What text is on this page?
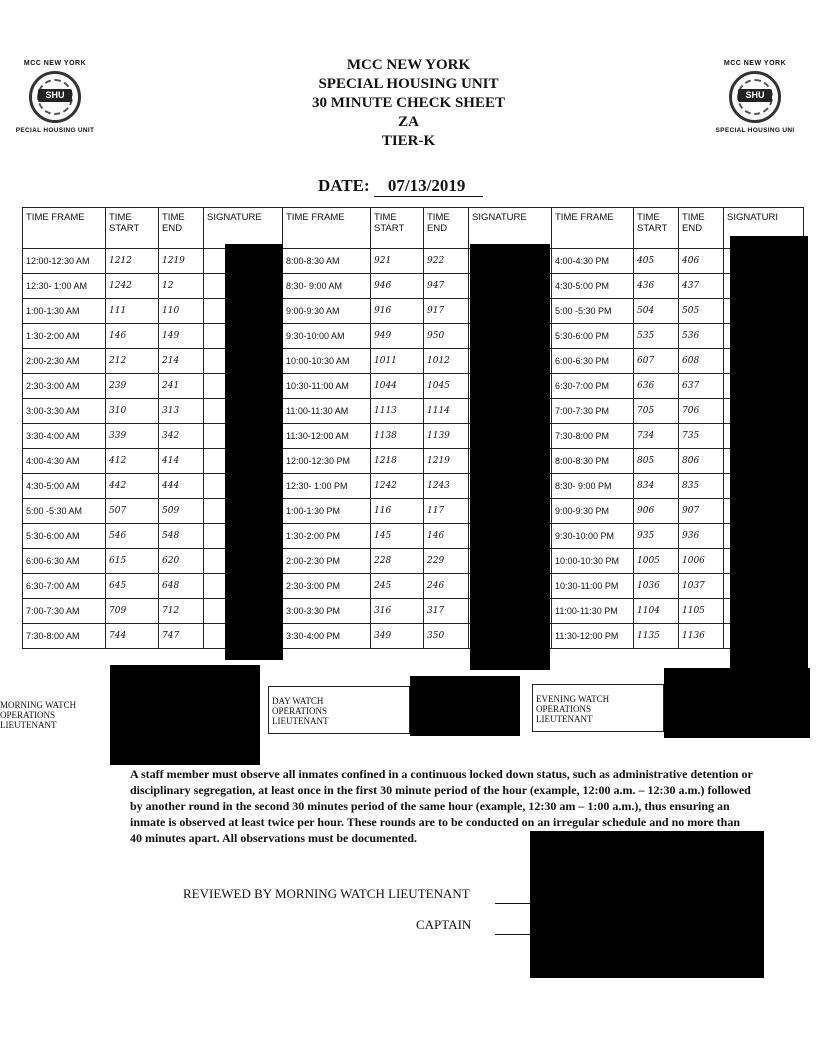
MCC NEW YORK
SHU
PECIAL HOUSING UNIT
MCC NEW YORK
SHU
SPECIAL HOUSING UNI
MCC NEW YORK
SPECIAL HOUSING UNIT
30 MINUTE CHECK SHEET
ZA
TIER-K
DATE: 07/13/2019
TIME FRAME	TIME START	TIME END	SIGNATURE	TIME FRAME	TIME START	TIME END	SIGNATURE	TIME FRAME	TIME START	TIME END	SIGNATURI
12:00-12:30 AM	1212	1219		8:00-8:30 AM	921	922		4:00-4:30 PM	405	406	
12:30- 1:00 AM	1242	12		8:30- 9:00 AM	946	947		4:30-5:00 PM	436	437	
1:00-1:30 AM	111	110		9:00-9:30 AM	916	917		5:00 -5:30 PM	504	505	
1:30-2:00 AM	146	149		9:30-10:00 AM	949	950		5:30-6:00 PM	535	536	
2:00-2:30 AM	212	214		10:00-10:30 AM	1011	1012		6:00-6:30 PM	607	608	
2:30-3:00 AM	239	241		10:30-11:00 AM	1044	1045		6:30-7:00 PM	636	637	
3:00-3:30 AM	310	313		11:00-11:30 AM	1113	1114		7:00-7:30 PM	705	706	
3:30-4:00 AM	339	342		11:30-12:00 AM	1138	1139		7:30-8:00 PM	734	735	
4:00-4:30 AM	412	414		12:00-12:30 PM	1218	1219		8:00-8:30 PM	805	806	
4:30-5:00 AM	442	444		12:30- 1:00 PM	1242	1243		8:30- 9:00 PM	834	835	
5:00 -5:30 AM	507	509		1:00-1:30 PM	116	117		9:00-9:30 PM	906	907	
5:30-6:00 AM	546	548		1:30-2:00 PM	145	146		9:30-10:00 PM	935	936	
6:00-6:30 AM	615	620		2:00-2:30 PM	228	229		10:00-10:30 PM	1005	1006	
6:30-7:00 AM	645	648		2:30-3:00 PM	245	246		10:30-11:00 PM	1036	1037	
7:00-7:30 AM	709	712		3:00-3:30 PM	316	317		11:00-11:30 PM	1104	1105	
7:30-8:00 AM	744	747		3:30-4:00 PM	349	350		11:30-12:00 PM	1135	1136	
MORNING WATCH OPERATIONS LIEUTENANT
DAY WATCH OPERATIONS LIEUTENANT
EVENING WATCH OPERATIONS LIEUTENANT
A staff member must observe all inmates confined in a continuous locked down status, such as administrative detention or disciplinary segregation, at least once in the first 30 minute period of the hour (example, 12:00 a.m. – 12:30 a.m.) followed by another round in the second 30 minutes period of the same hour (example, 12:30 am – 1:00 a.m.), thus ensuring an inmate is observed at least twice per hour. These rounds are to be conducted on an irregular schedule and no more than 40 minutes apart. All observations must be documented.
REVIEWED BY MORNING WATCH LIEUTENANT
CAPTAIN
